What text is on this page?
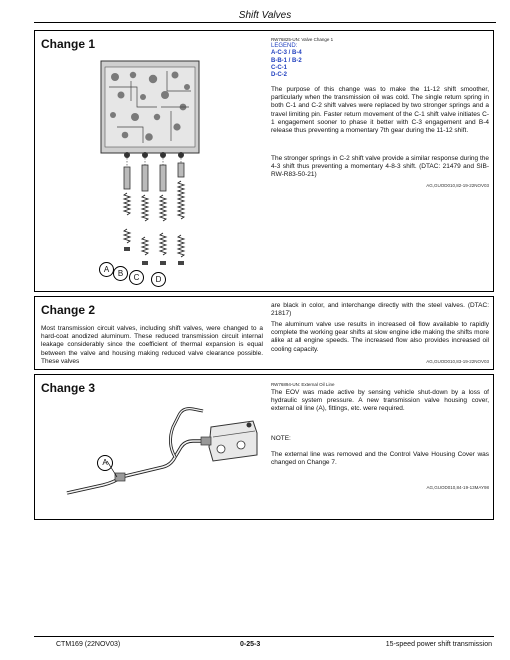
Shift Valves
Change 1
A	B	C	D
RW76825-UN: Valve Change 1
LEGEND:
A-C-3 / B-4
B-B-1 / B-2
C-C-1
D-C-2

The purpose of this change was to make the 11-12 shift smoother, particularly when the transmission oil was cold. The single return spring in both C-1 and C-2 shift valves were replaced by two stronger springs and a travel limiting pin. Faster return movement of the C-1 shift valve initiates C-1 engagement sooner to phase it better with C-3 engagement and B-4 release thus preventing a momentary 7th gear during the 11-12 shift.

The stronger springs in C-2 shift valve provide a similar response during the 4-3 shift thus preventing a momentary 4-8-3 shift. (DTAC: 21479 and SIB-RW-R83-50-21)

AG,GUOD010,82-19-22NOV03
Change 2

Most transmission circuit valves, including shift valves, were changed to a hard-coat anodized aluminum. These reduced transmission circuit internal leakage considerably since the coefficient of thermal expansion is equal between the valve and housing making reduced valve clearance possible. These valves

are black in color, and interchange directly with the steel valves. (DTAC: 21817)

The aluminum valve use results in increased oil flow available to rapidly complete the working gear shifts at slow engine idle making the shifts more alike at all engine speeds. The increased flow also provides increased oil cooling capacity.

AG,GUOD010,83-19-22NOV03
Change 3
A
RW76894-UN: External Oil Line

The EOV was made active by sensing vehicle shut-down by a loss of hydraulic system pressure. A new transmission valve housing cover, external oil line (A), fittings, etc. were required.

NOTE:

The external line was removed and the Control Valve Housing Cover was changed on Change 7.

AG,GUOD010,84-19-13MAY98
CTM169 (22NOV03)	0-25-3	15-speed power shift transmission
